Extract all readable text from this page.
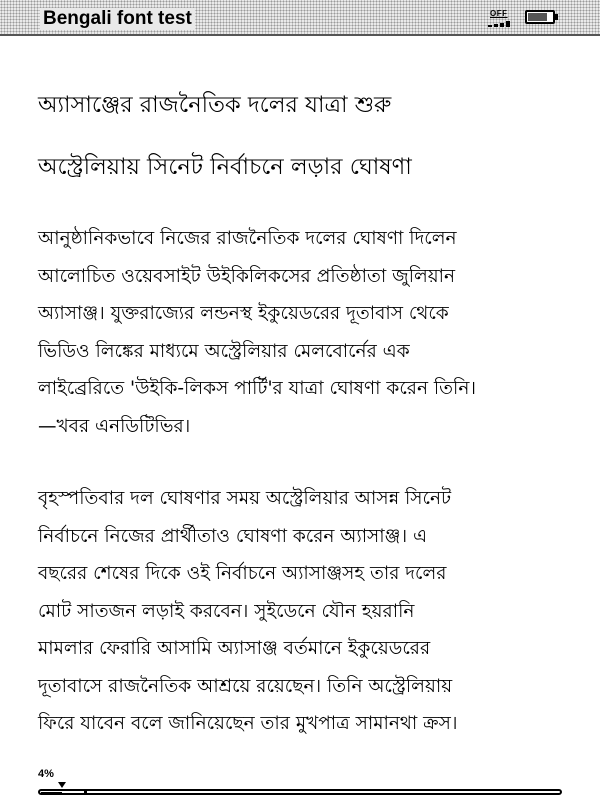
Bengali font test	OFF

অ্যাসাঞ্জের রাজনৈতিক দলের যাত্রা শুরু

অস্ট্রেলিয়ায় সিনেট নির্বাচনে লড়ার ঘোষণা

আনুষ্ঠানিকভাবে নিজের রাজনৈতিক দলের ঘোষণা দিলেন
আলোচিত ওয়েবসাইট উইকিলিকসের প্রতিষ্ঠাতা জুলিয়ান
অ্যাসাঞ্জ। যুক্তরাজ্যের লন্ডনস্থ ইকুয়েডরের দূতাবাস থেকে
ভিডিও লিঙ্কের মাধ্যমে অস্ট্রেলিয়ার মেলবোর্নের এক
লাইব্রেরিতে 'উইকি-লিকস পার্টি'র যাত্রা ঘোষণা করেন তিনি।
—খবর এনডিটিভির।
বৃহস্পতিবার দল ঘোষণার সময় অস্ট্রেলিয়ার আসন্ন সিনেট
নির্বাচনে নিজের প্রার্থীতাও ঘোষণা করেন অ্যাসাঞ্জ। এ
বছরের শেষের দিকে ওই নির্বাচনে অ্যাসাঞ্জসহ তার দলের
মোট সাতজন লড়াই করবেন। সুইডেনে যৌন হয়রানি
মামলার ফেরারি আসামি অ্যাসাঞ্জ বর্তমানে ইকুয়েডরের
দূতাবাসে রাজনৈতিক আশ্রয়ে রয়েছেন। তিনি অস্ট্রেলিয়ায়
ফিরে যাবেন বলে জানিয়েছেন তার মুখপাত্র সামানথা ক্রস।
4%
